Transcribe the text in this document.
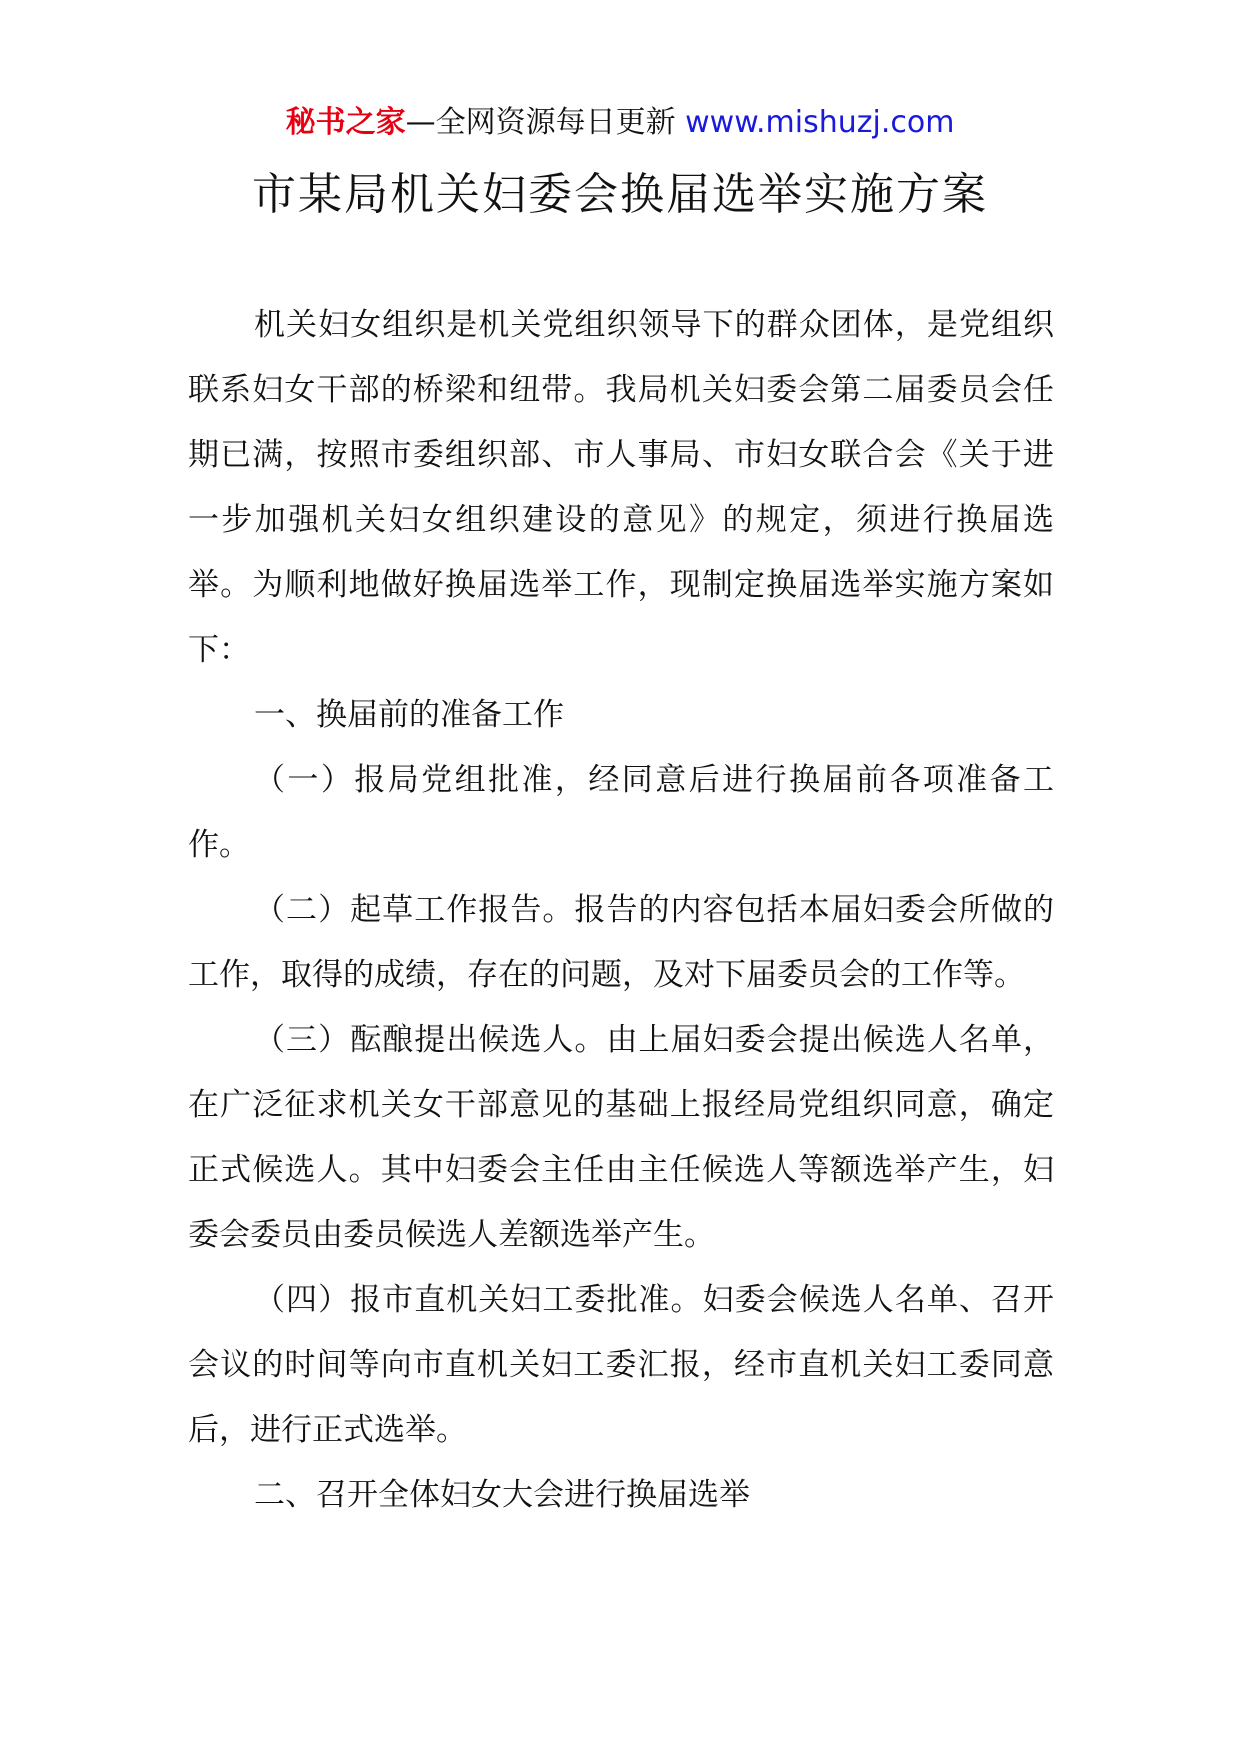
秘书之家—全网资源每日更新 www.mishuzj.com
市某局机关妇委会换届选举实施方案

机关妇女组织是机关党组织领导下的群众团体，是党组织联系妇女干部的桥梁和纽带。我局机关妇委会第二届委员会任期已满，按照市委组织部、市人事局、市妇女联合会《关于进一步加强机关妇女组织建设的意见》的规定，须进行换届选举。为顺利地做好换届选举工作，现制定换届选举实施方案如下：

一、换届前的准备工作

（一）报局党组批准，经同意后进行换届前各项准备工作。

（二）起草工作报告。报告的内容包括本届妇委会所做的工作，取得的成绩，存在的问题，及对下届委员会的工作等。

（三）酝酿提出候选人。由上届妇委会提出候选人名单，在广泛征求机关女干部意见的基础上报经局党组织同意，确定正式候选人。其中妇委会主任由主任候选人等额选举产生，妇委会委员由委员候选人差额选举产生。

（四）报市直机关妇工委批准。妇委会候选人名单、召开会议的时间等向市直机关妇工委汇报，经市直机关妇工委同意后，进行正式选举。

二、召开全体妇女大会进行换届选举
